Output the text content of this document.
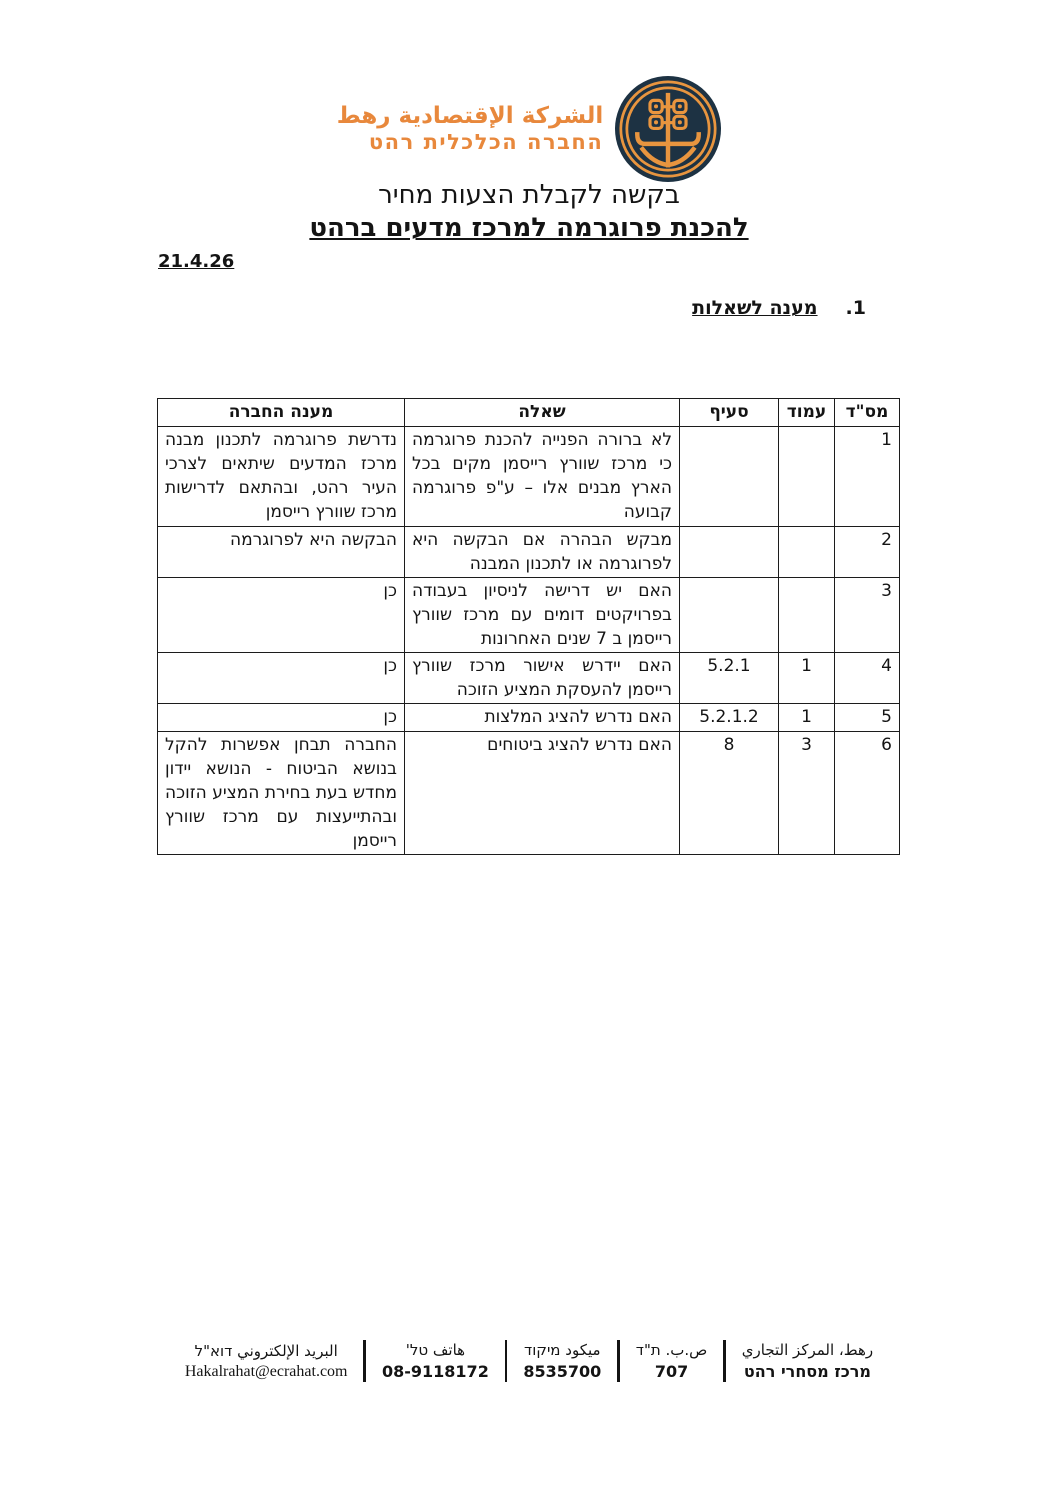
الشركة الإقتصادية رهط
החברה הכלכלית רהט
בקשה לקבלת הצעות מחיר
להכנת פרוגרמה למרכז מדעים ברהט
21.4.26
1.מענה לשאלות
מס"ד	עמוד	סעיף	שאלה	מענה החברה
1			לא ברורה הפנייה להכנת פרוגרמה כי מרכז שוורץ רייסמן מקים בכל הארץ מבנים אלו – ע"פ פרוגרמה קבועה	נדרשת פרוגרמה לתכנון מבנה מרכז המדעים שיתאים לצרכי העיר רהט, ובהתאם לדרישות מרכז שוורץ רייסמן
2			מבקש הבהרה אם הבקשה היא לפרוגרמה או לתכנון המבנה	הבקשה היא לפרוגרמה
3			האם יש דרישה לניסיון בעבודה בפרויקטים דומים עם מרכז שוורץ רייסמן ב 7 שנים האחרונות	כן
4	1	5.2.1	האם יידרש אישור מרכז שוורץ רייסמן להעסקת המציע הזוכה	כן
5	1	5.2.1.2	האם נדרש להציג המלצות	כן
6	3	8	האם נדרש להציג ביטוחים	החברה תבחן אפשרות להקל בנושא הביטוח - הנושא יידון מחדש בעת בחירת המציע הזוכה ובהתייעצות עם מרכז שוורץ רייסמן
رهط، المركز التجاري
מרכז מסחרי רהט
ص.ب. ת"ד
707
ميكود מיקוד
8535700
هاتف טל'
08-9118172
البريد الإلكتروني דוא"ל
Hakalrahat@ecrahat.com
